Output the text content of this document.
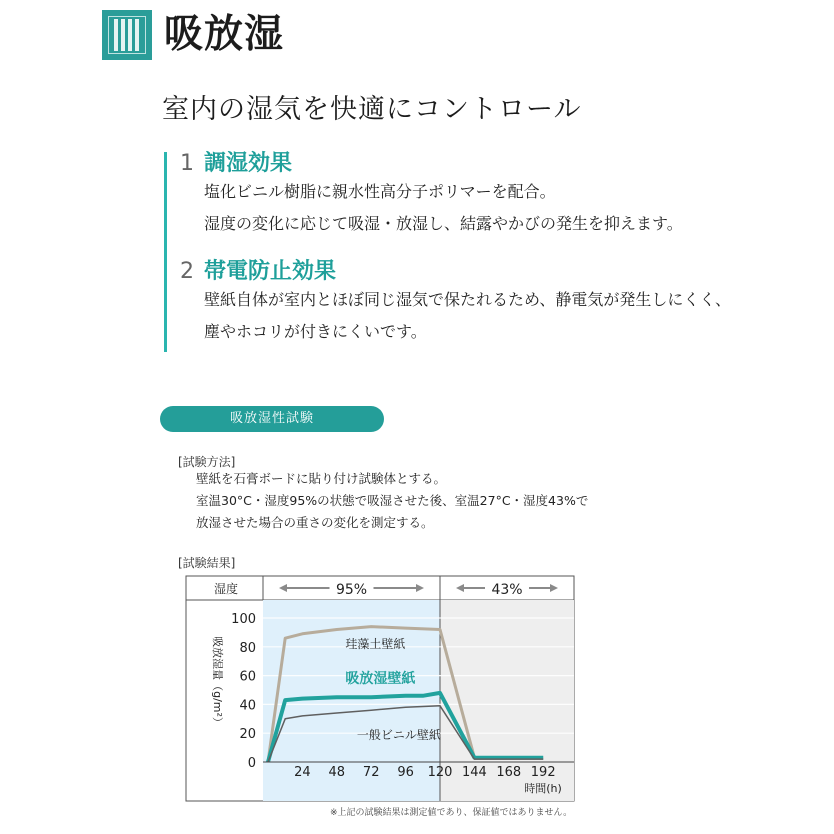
吸放湿
室内の湿気を快適にコントロール
1 調湿効果
塩化ビニル樹脂に親水性高分子ポリマーを配合。
湿度の変化に応じて吸湿・放湿し、結露やかびの発生を抑えます。
2 帯電防止効果
壁紙自体が室内とほぼ同じ湿気で保たれるため、静電気が発生しにくく、
塵やホコリが付きにくいです。
吸放湿性試験
[試験方法]
壁紙を石膏ボードに貼り付け試験体とする。
室温30°C・湿度95%の状態で吸湿させた後、室温27°C・湿度43%で
放湿させた場合の重さの変化を測定する。
[試験結果]
湿度	95%	43%
0
20
40
60
80
100
24 48 72 96 120 144 168 192
時間(h)
吸放湿量（g/m²）	珪藻土壁紙
吸放湿壁紙
一般ビニル壁紙
※上記の試験結果は測定値であり、保証値ではありません。
